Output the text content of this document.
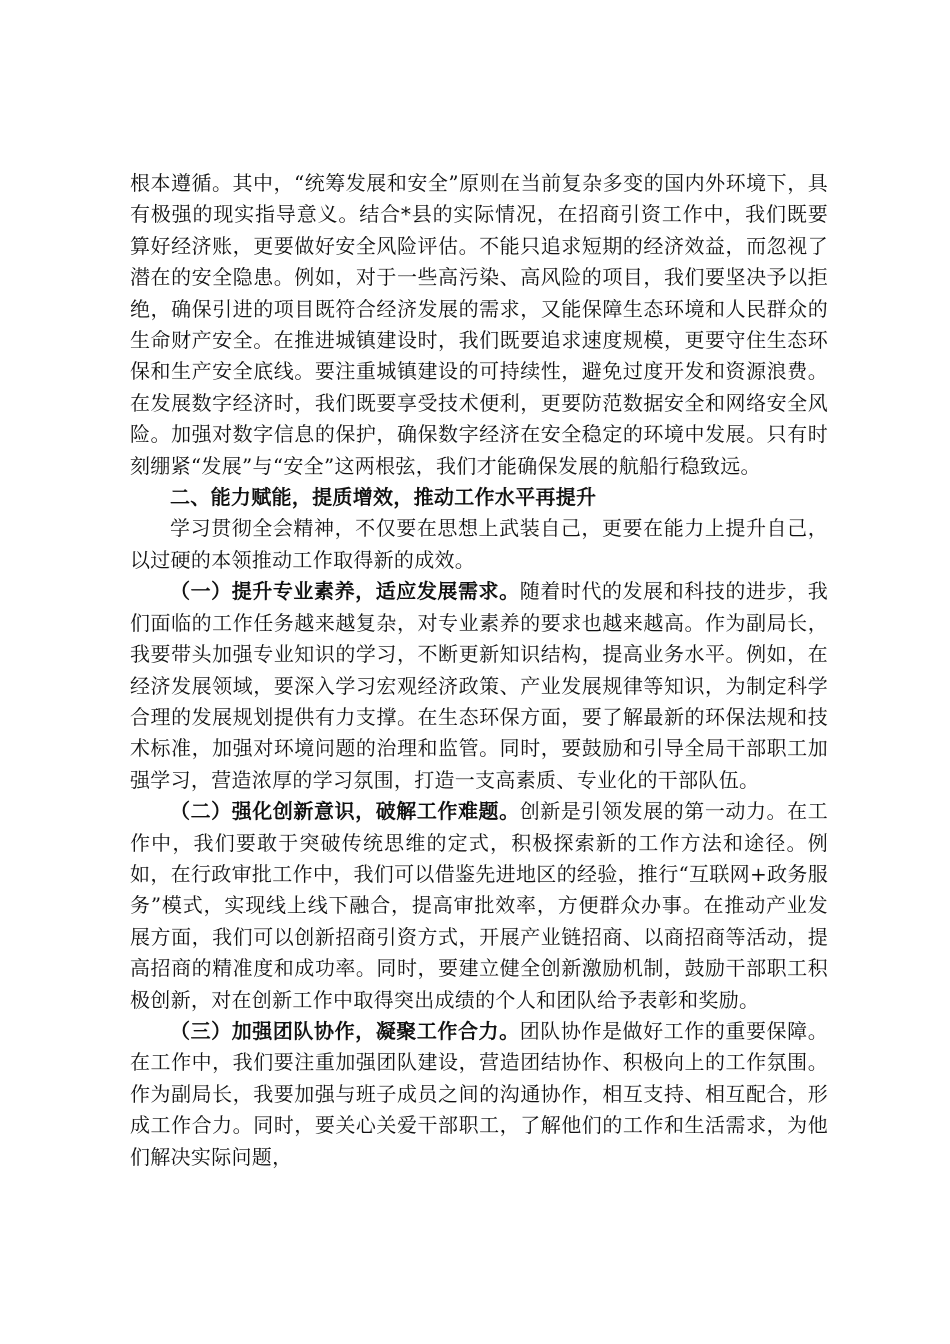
根本遵循。其中，“统筹发展和安全”原则在当前复杂多变的国内外环境下，具有极强的现实指导意义。结合*县的实际情况，在招商引资工作中，我们既要算好经济账，更要做好安全风险评估。不能只追求短期的经济效益，而忽视了潜在的安全隐患。例如，对于一些高污染、高风险的项目，我们要坚决予以拒绝，确保引进的项目既符合经济发展的需求，又能保障生态环境和人民群众的生命财产安全。在推进城镇建设时，我们既要追求速度规模，更要守住生态环保和生产安全底线。要注重城镇建设的可持续性，避免过度开发和资源浪费。在发展数字经济时，我们既要享受技术便利，更要防范数据安全和网络安全风险。加强对数字信息的保护，确保数字经济在安全稳定的环境中发展。只有时刻绷紧“发展”与“安全”这两根弦，我们才能确保发展的航船行稳致远。

二、能力赋能，提质增效，推动工作水平再提升

学习贯彻全会精神，不仅要在思想上武装自己，更要在能力上提升自己，以过硬的本领推动工作取得新的成效。

（一）提升专业素养，适应发展需求。随着时代的发展和科技的进步，我们面临的工作任务越来越复杂，对专业素养的要求也越来越高。作为副局长，我要带头加强专业知识的学习，不断更新知识结构，提高业务水平。例如，在经济发展领域，要深入学习宏观经济政策、产业发展规律等知识，为制定科学合理的发展规划提供有力支撑。在生态环保方面，要了解最新的环保法规和技术标准，加强对环境问题的治理和监管。同时，要鼓励和引导全局干部职工加强学习，营造浓厚的学习氛围，打造一支高素质、专业化的干部队伍。

（二）强化创新意识，破解工作难题。创新是引领发展的第一动力。在工作中，我们要敢于突破传统思维的定式，积极探索新的工作方法和途径。例如，在行政审批工作中，我们可以借鉴先进地区的经验，推行“互联网+政务服务”模式，实现线上线下融合，提高审批效率，方便群众办事。在推动产业发展方面，我们可以创新招商引资方式，开展产业链招商、以商招商等活动，提高招商的精准度和成功率。同时，要建立健全创新激励机制，鼓励干部职工积极创新，对在创新工作中取得突出成绩的个人和团队给予表彰和奖励。

（三）加强团队协作，凝聚工作合力。团队协作是做好工作的重要保障。在工作中，我们要注重加强团队建设，营造团结协作、积极向上的工作氛围。作为副局长，我要加强与班子成员之间的沟通协作，相互支持、相互配合，形成工作合力。同时，要关心关爱干部职工，了解他们的工作和生活需求，为他们解决实际问题，
